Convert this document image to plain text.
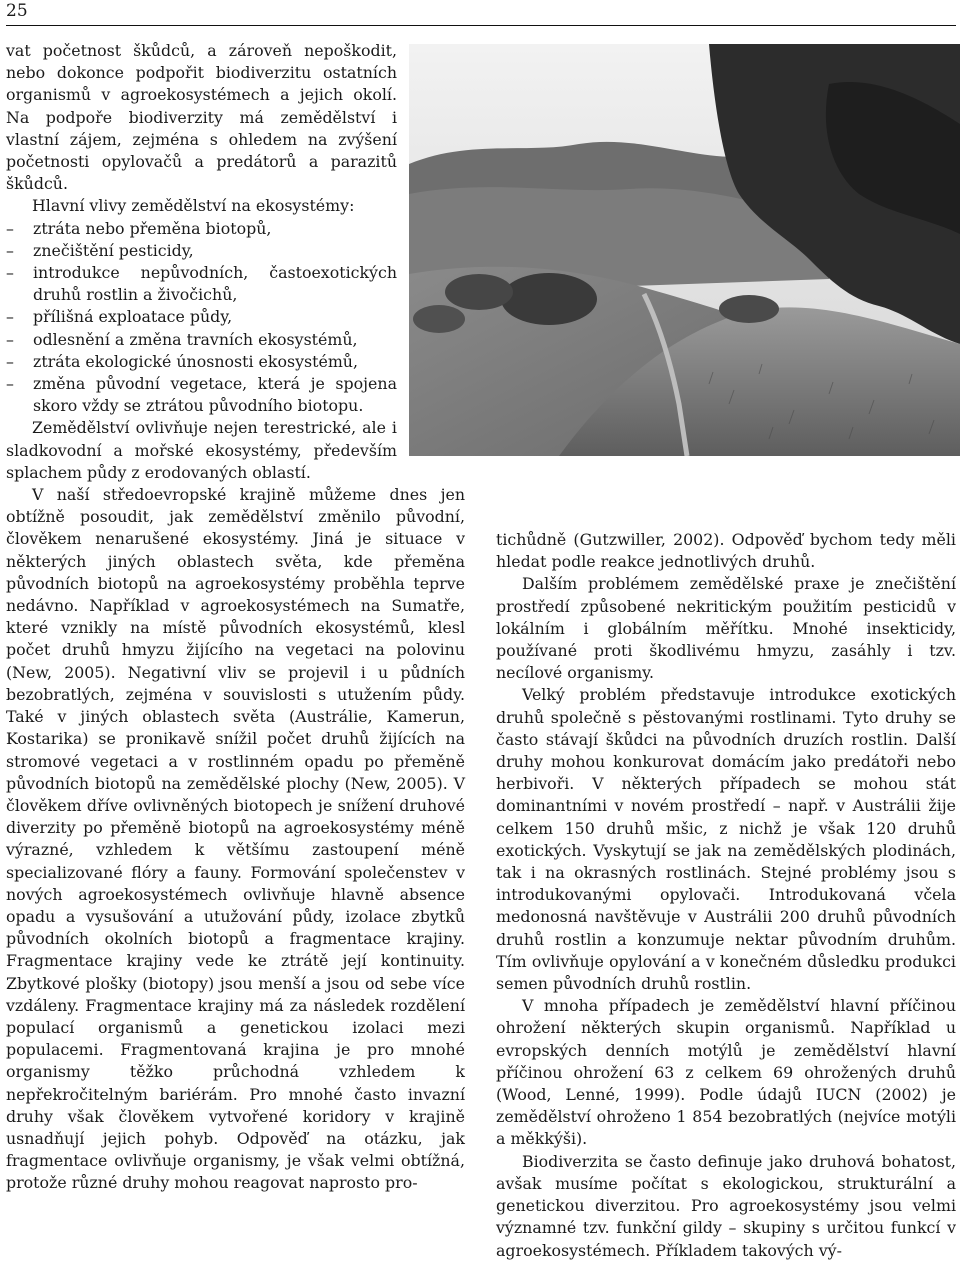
25

vat početnost škůdců, a zároveň nepoškodit, nebo dokonce podpořit biodiverzitu ostatních organismů v agroekosystémech a jejich okolí. Na podpoře biodiverzity má zemědělství i vlastní zájem, zejména s ohledem na zvýšení početnosti opylovačů a predátorů a parazitů škůdců.

Hlavní vlivy zemědělství na ekosystémy:

– ztráta nebo přeměna biotopů,
– znečištění pesticidy,
– introdukce nepůvodních, častoexotických druhů rostlin a živočichů,
– přílišná exploatace půdy,
– odlesnění a změna travních ekosystémů,
– ztráta ekologické únosnosti ekosystémů,
– změna původní vegetace, která je spojena skoro vždy se ztrátou původního biotopu.

Zemědělství ovlivňuje nejen terestrické, ale i sladkovodní a mořské ekosystémy, především splachem půdy z erodovaných oblastí.

V naší středoevropské krajině můžeme dnes jen obtížně posoudit, jak zemědělství změnilo původní, člověkem nenarušené ekosystémy. Jiná je situace v některých jiných oblastech světa, kde přeměna původních biotopů na agroekosystémy proběhla teprve nedávno. Například v agroekosystémech na Sumatře, které vznikly na místě původních ekosystémů, klesl počet druhů hmyzu žijícího na vegetaci na polovinu (New, 2005). Negativní vliv se projevil i u půdních bezobratlých, zejména v souvislosti s utužením půdy. Také v jiných oblastech světa (Austrálie, Kamerun, Kostarika) se pronikavě snížil počet druhů žijících na stromové vegetaci a v rostlinném opadu po přeměně původních biotopů na zemědělské plochy (New, 2005). V člověkem dříve ovlivněných biotopech je snížení druhové diverzity po přeměně biotopů na agroekosystémy méně výrazné, vzhledem k většímu zastoupení méně specializované flóry a fauny. Formování společenstev v nových agroekosystémech ovlivňuje hlavně absence opadu a vysušování a utužování půdy, izolace zbytků původních okolních biotopů a fragmentace krajiny. Fragmentace krajiny vede ke ztrátě její kontinuity. Zbytkové plošky (biotopy) jsou menší a jsou od sebe více vzdáleny. Fragmentace krajiny má za následek rozdělení populací organismů a genetickou izolaci mezi populacemi. Fragmentovaná krajina je pro mnohé organismy těžko průchodná vzhledem k nepřekročitelným bariérám. Pro mnohé často invazní druhy však člověkem vytvořené koridory v krajině usnadňují jejich pohyb. Odpověď na otázku, jak fragmentace ovlivňuje organismy, je však velmi obtížná, protože různé druhy mohou reagovat naprosto pro-

tichůdně (Gutzwiller, 2002). Odpověď bychom tedy měli hledat podle reakce jednotlivých druhů.

Dalším problémem zemědělské praxe je znečištění prostředí způsobené nekritickým použitím pesticidů v lokálním i globálním měřítku. Mnohé insekticidy, používané proti škodlivému hmyzu, zasáhly i tzv. necílové organismy.

Velký problém představuje introdukce exotických druhů společně s pěstovanými rostlinami. Tyto druhy se často stávají škůdci na původních druzích rostlin. Další druhy mohou konkurovat domácím jako predátoři nebo herbivoři. V některých případech se mohou stát dominantními v novém prostředí – např. v Austrálii žije celkem 150 druhů mšic, z nichž je však 120 druhů exotických. Vyskytují se jak na zemědělských plodinách, tak i na okrasných rostlinách. Stejné problémy jsou s introdukovanými opylovači. Introdukovaná včela medonosná navštěvuje v Austrálii 200 druhů původních druhů rostlin a konzumuje nektar původním druhům. Tím ovlivňuje opylování a v konečném důsledku produkci semen původních druhů rostlin.

V mnoha případech je zemědělství hlavní příčinou ohrožení některých skupin organismů. Například u evropských denních motýlů je zemědělství hlavní příčinou ohrožení 63 z celkem 69 ohrožených druhů (Wood, Lenné, 1999). Podle údajů IUCN (2002) je zemědělství ohroženo 1 854 bezobratlých (nejvíce motýli a měkkýši).

Biodiverzita se často definuje jako druhová bohatost, avšak musíme počítat s ekologickou, strukturální a genetickou diverzitou. Pro agroekosystémy jsou velmi významné tzv. funkční gildy – skupiny s určitou funkcí v agroekosystémech. Příkladem takových vý-
